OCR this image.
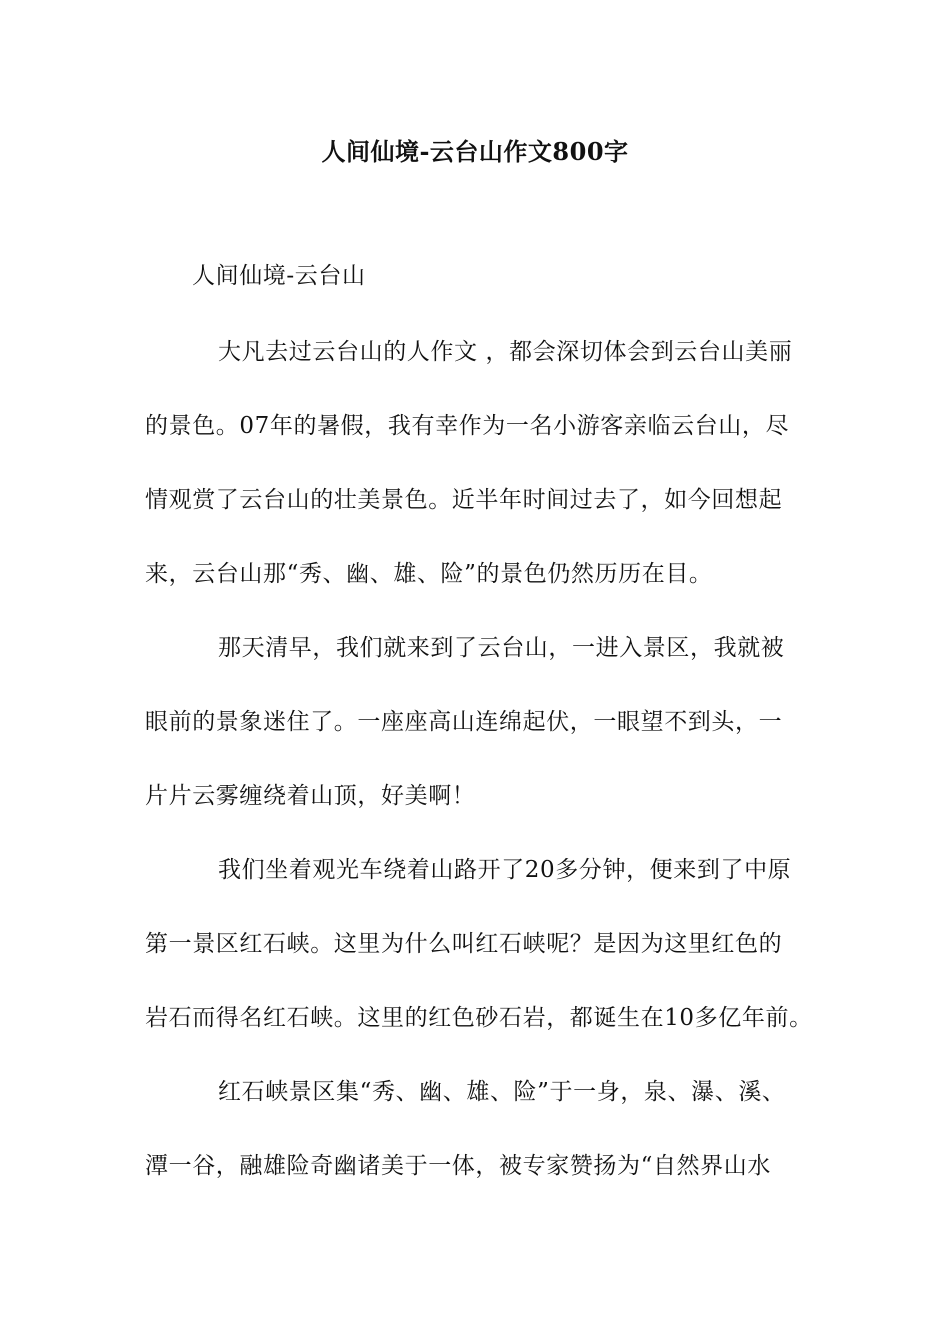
人间仙境-云台山作文800字
人间仙境-云台山
大凡去过云台山的人作文 ，都会深切体会到云台山美丽
的景色。07年的暑假，我有幸作为一名小游客亲临云台山，尽
情观赏了云台山的壮美景色。近半年时间过去了，如今回想起
来，云台山那“秀、幽、雄、险”的景色仍然历历在目。
那天清早，我们就来到了云台山，一进入景区，我就被
眼前的景象迷住了。一座座高山连绵起伏，一眼望不到头，一
片片云雾缠绕着山顶，好美啊！
我们坐着观光车绕着山路开了20多分钟，便来到了中原
第一景区红石峡。这里为什么叫红石峡呢？是因为这里红色的
岩石而得名红石峡。这里的红色砂石岩，都诞生在10多亿年前。
红石峡景区集“秀、幽、雄、险”于一身，泉、瀑、溪、
潭一谷，融雄险奇幽诸美于一体，被专家赞扬为“自然界山水
